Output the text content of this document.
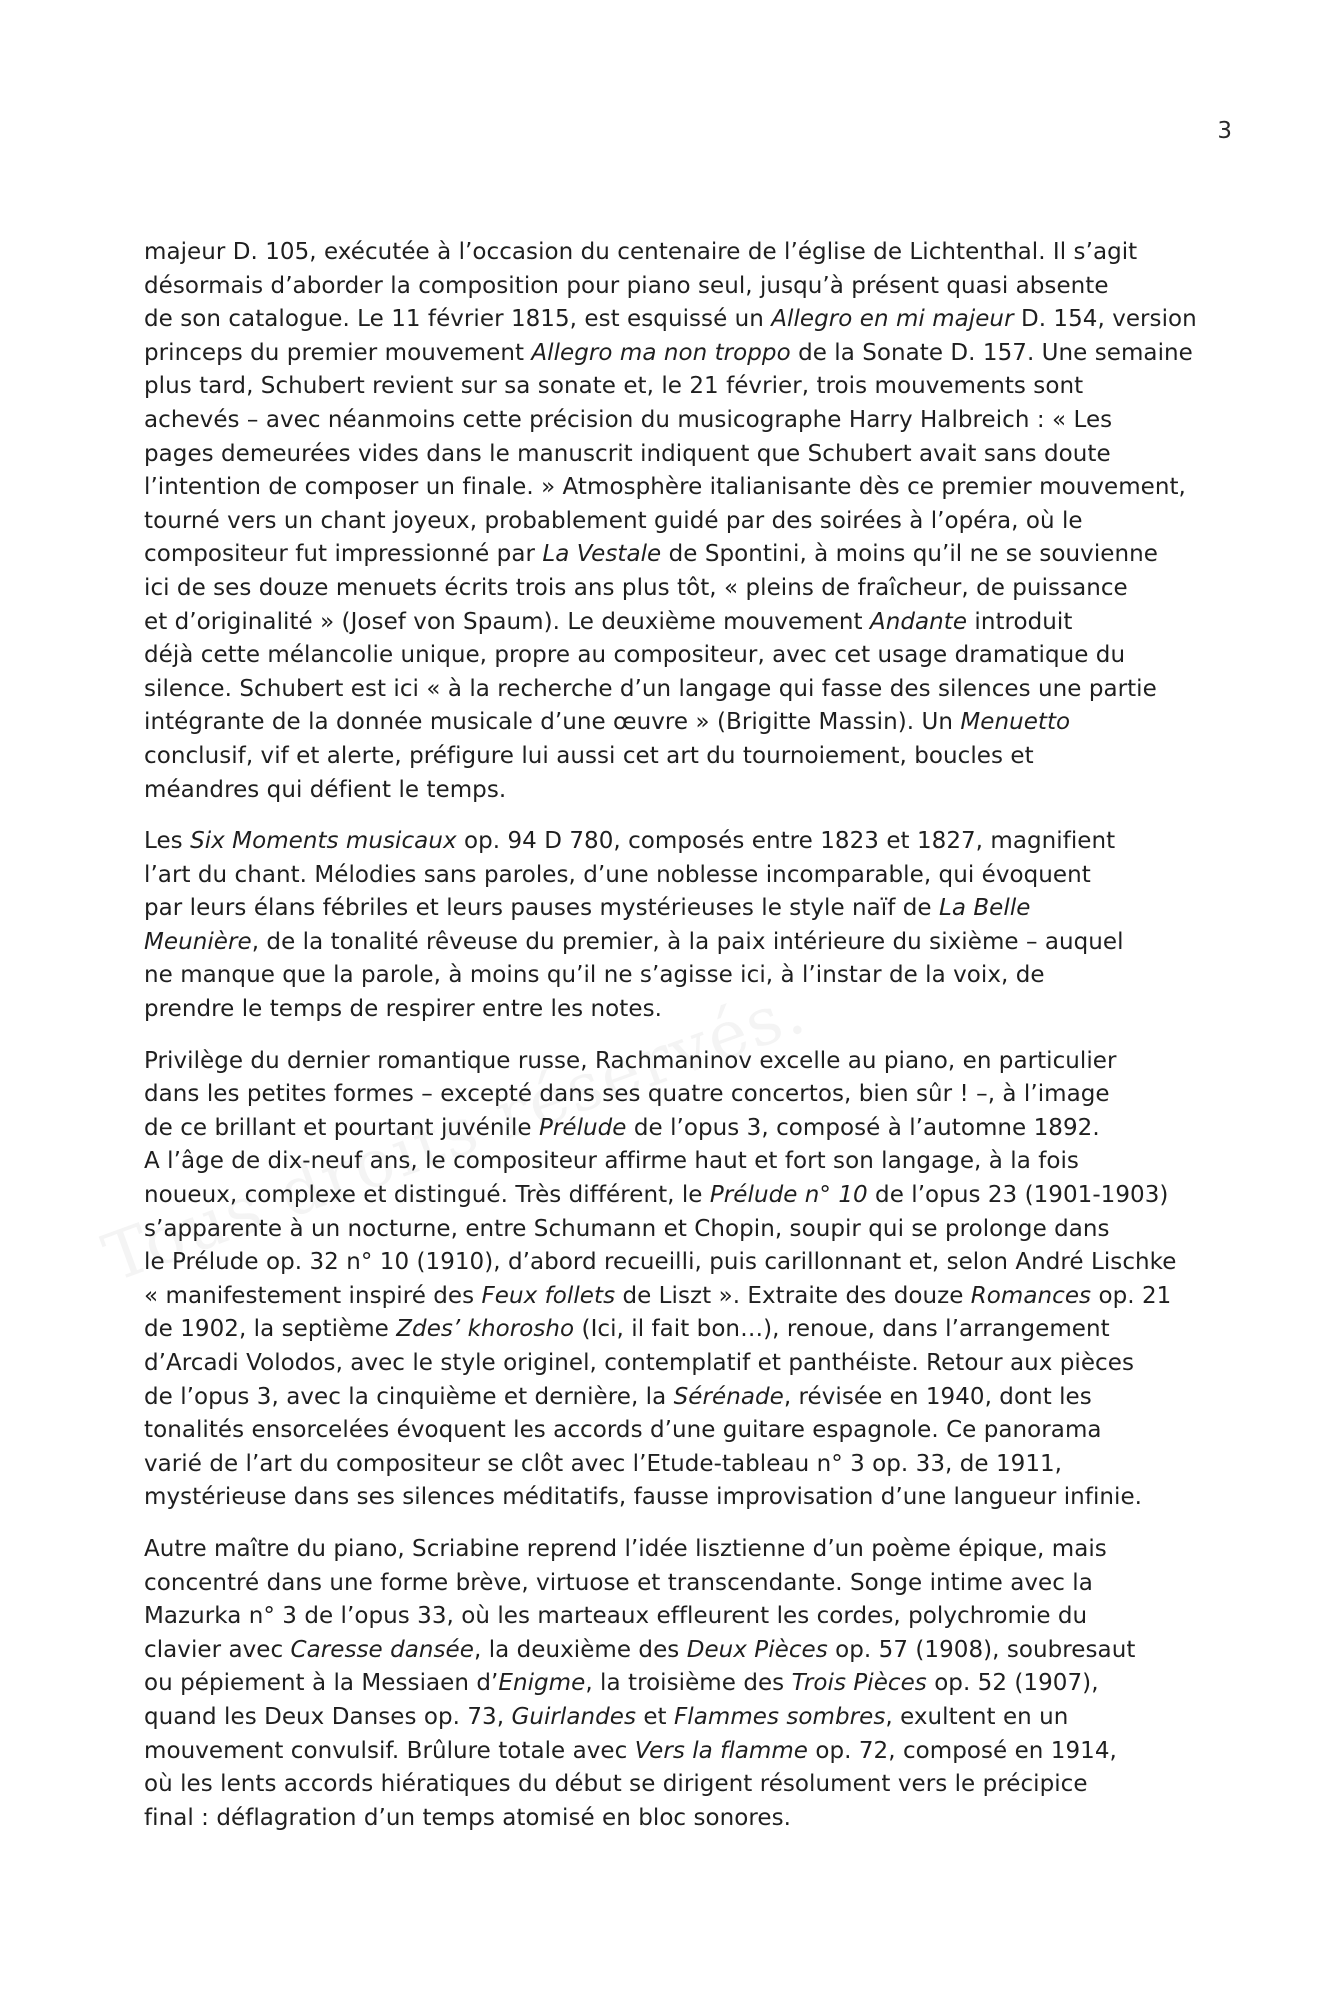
3

majeur D. 105, exécutée à l’occasion du centenaire de l’église de Lichtenthal. Il s’agit
désormais d’aborder la composition pour piano seul, jusqu’à présent quasi absente
de son catalogue. Le 11 février 1815, est esquissé un Allegro en mi majeur D. 154, version
princeps du premier mouvement Allegro ma non troppo de la Sonate D. 157. Une semaine
plus tard, Schubert revient sur sa sonate et, le 21 février, trois mouvements sont
achevés – avec néanmoins cette précision du musicographe Harry Halbreich : « Les
pages demeurées vides dans le manuscrit indiquent que Schubert avait sans doute
l’intention de composer un finale. » Atmosphère italianisante dès ce premier mouvement,
tourné vers un chant joyeux, probablement guidé par des soirées à l’opéra, où le
compositeur fut impressionné par La Vestale de Spontini, à moins qu’il ne se souvienne
ici de ses douze menuets écrits trois ans plus tôt, « pleins de fraîcheur, de puissance
et d’originalité » (Josef von Spaum). Le deuxième mouvement Andante introduit
déjà cette mélancolie unique, propre au compositeur, avec cet usage dramatique du
silence. Schubert est ici « à la recherche d’un langage qui fasse des silences une partie
intégrante de la donnée musicale d’une œuvre » (Brigitte Massin). Un Menuetto
conclusif, vif et alerte, préfigure lui aussi cet art du tournoiement, boucles et
méandres qui défient le temps.

Les Six Moments musicaux op. 94 D 780, composés entre 1823 et 1827, magnifient
l’art du chant. Mélodies sans paroles, d’une noblesse incomparable, qui évoquent
par leurs élans fébriles et leurs pauses mystérieuses le style naïf de La Belle
Meunière, de la tonalité rêveuse du premier, à la paix intérieure du sixième – auquel
ne manque que la parole, à moins qu’il ne s’agisse ici, à l’instar de la voix, de
prendre le temps de respirer entre les notes.

Privilège du dernier romantique russe, Rachmaninov excelle au piano, en particulier
dans les petites formes – excepté dans ses quatre concertos, bien sûr ! –, à l’image
de ce brillant et pourtant juvénile Prélude de l’opus 3, composé à l’automne 1892.
A l’âge de dix-neuf ans, le compositeur affirme haut et fort son langage, à la fois
noueux, complexe et distingué. Très différent, le Prélude n° 10 de l’opus 23 (1901-1903)
s’apparente à un nocturne, entre Schumann et Chopin, soupir qui se prolonge dans
le Prélude op. 32 n° 10 (1910), d’abord recueilli, puis carillonnant et, selon André Lischke
« manifestement inspiré des Feux follets de Liszt ». Extraite des douze Romances op. 21
de 1902, la septième Zdes’ khorosho (Ici, il fait bon…), renoue, dans l’arrangement
d’Arcadi Volodos, avec le style originel, contemplatif et panthéiste. Retour aux pièces
de l’opus 3, avec la cinquième et dernière, la Sérénade, révisée en 1940, dont les
tonalités ensorcelées évoquent les accords d’une guitare espagnole. Ce panorama
varié de l’art du compositeur se clôt avec l’Etude-tableau n° 3 op. 33, de 1911,
mystérieuse dans ses silences méditatifs, fausse improvisation d’une langueur infinie.

Autre maître du piano, Scriabine reprend l’idée lisztienne d’un poème épique, mais
concentré dans une forme brève, virtuose et transcendante. Songe intime avec la
Mazurka n° 3 de l’opus 33, où les marteaux effleurent les cordes, polychromie du
clavier avec Caresse dansée, la deuxième des Deux Pièces op. 57 (1908), soubresaut
ou pépiement à la Messiaen d’Enigme, la troisième des Trois Pièces op. 52 (1907),
quand les Deux Danses op. 73, Guirlandes et Flammes sombres, exultent en un
mouvement convulsif. Brûlure totale avec Vers la flamme op. 72, composé en 1914,
où les lents accords hiératiques du début se dirigent résolument vers le précipice
final : déflagration d’un temps atomisé en bloc sonores.
